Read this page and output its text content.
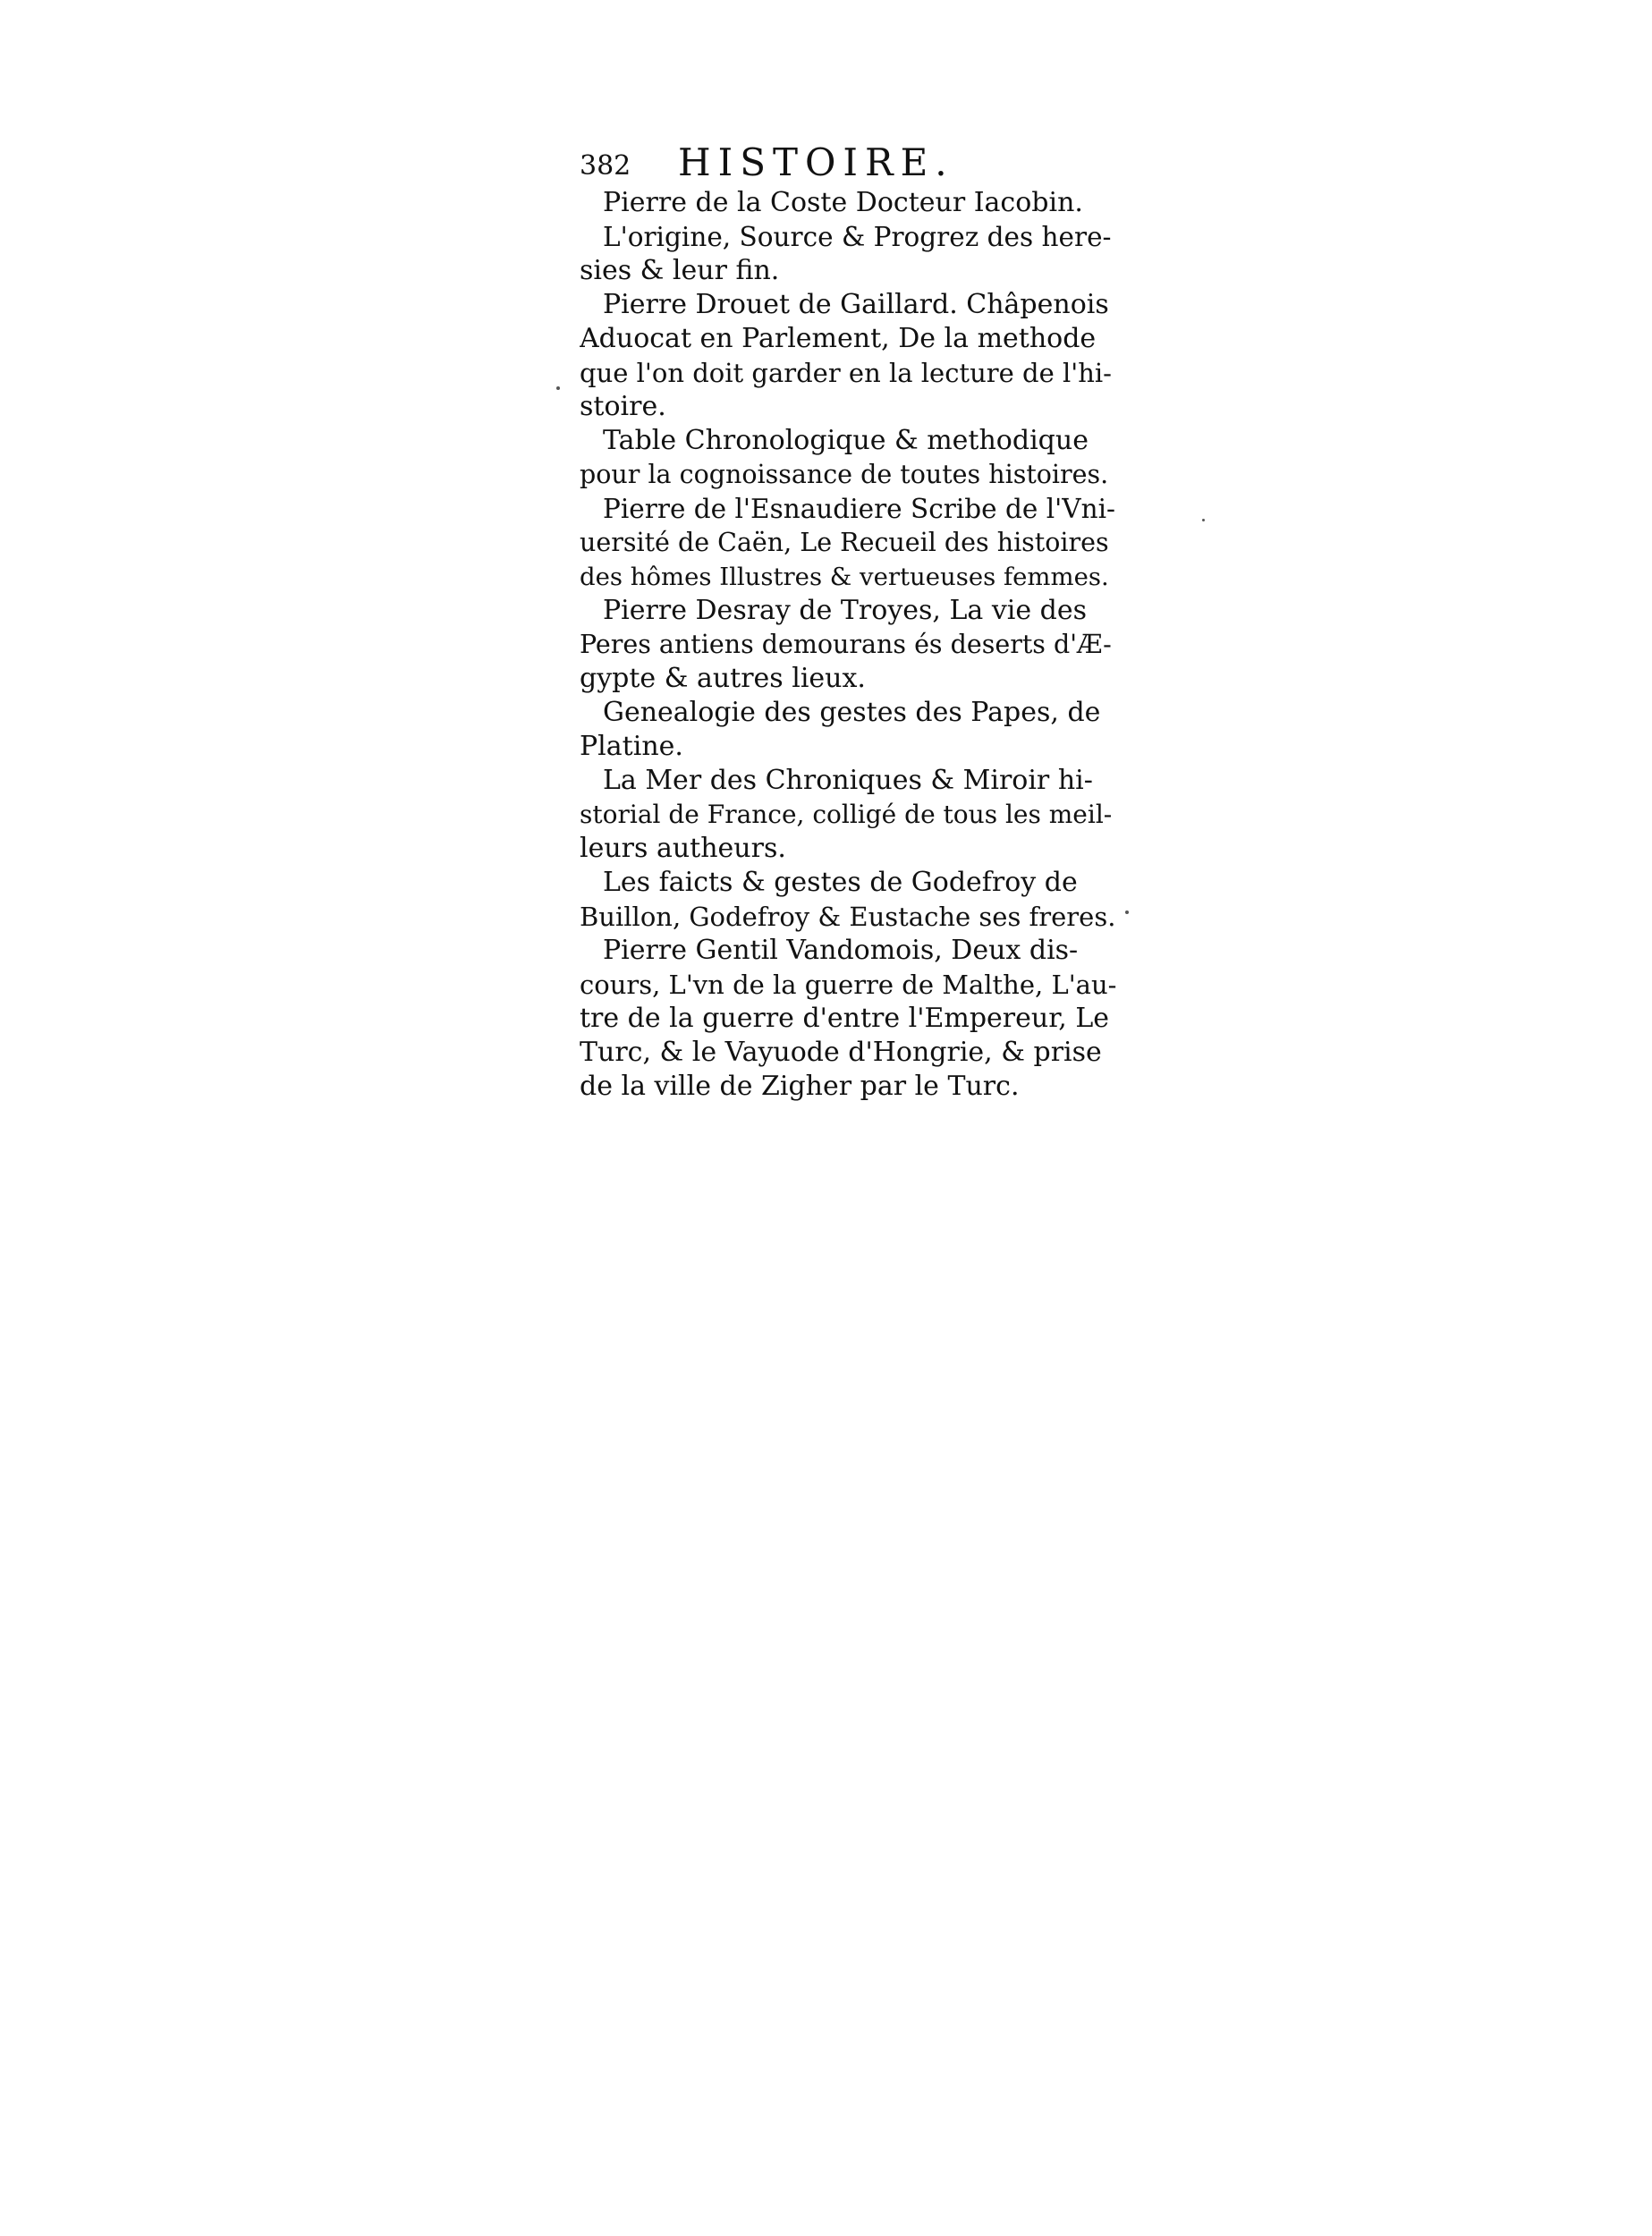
382 HISTOIRE.
Pierre de la Coste Docteur Iacobin.
L'origine, Source & Progrez des here-
sies & leur fin.
Pierre Drouet de Gaillard. Châpenois
Aduocat en Parlement, De la methode
que l'on doit garder en la lecture de l'hi-
stoire.
Table Chronologique & methodique
pour la cognoissance de toutes histoires.
Pierre de l'Esnaudiere Scribe de l'Vni-
uersité de Caën, Le Recueil des histoires
des hômes Illustres & vertueuses femmes.
Pierre Desray de Troyes, La vie des
Peres antiens demourans és deserts d'Æ-
gypte & autres lieux.
Genealogie des gestes des Papes, de
Platine.
La Mer des Chroniques & Miroir hi-
storial de France, colligé de tous les meil-
leurs autheurs.
Les faicts & gestes de Godefroy de
Buillon, Godefroy & Eustache ses freres.
Pierre Gentil Vandomois, Deux dis-
cours, L'vn de la guerre de Malthe, L'au-
tre de la guerre d'entre l'Empereur, Le
Turc, & le Vayuode d'Hongrie, & prise
de la ville de Zigher par le Turc.
